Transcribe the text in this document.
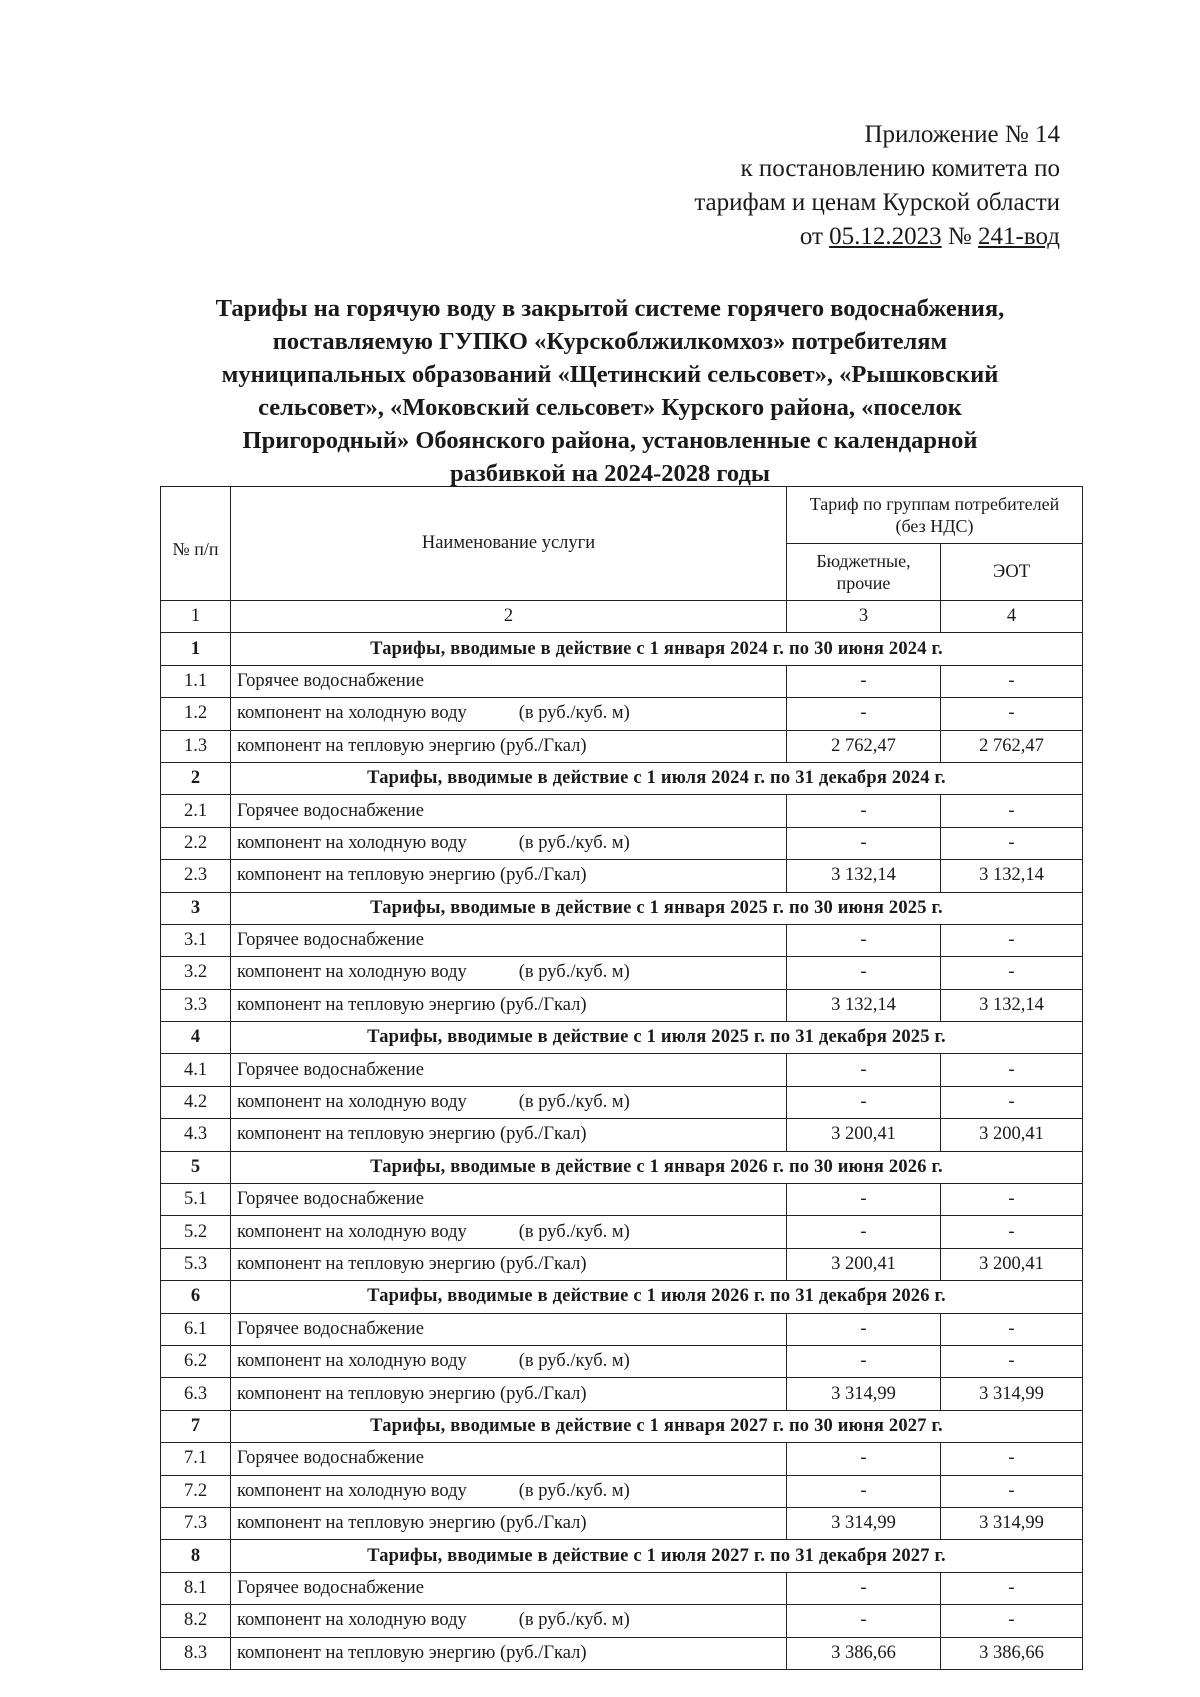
Приложение № 14
к постановлению комитета по
тарифам и ценам Курской области
от 05.12.2023 № 241-вод
Тарифы на горячую воду в закрытой системе горячего водоснабжения,
поставляемую ГУПКО «Курскоблжилкомхоз» потребителям
муниципальных образований «Щетинский сельсовет», «Рышковский
сельсовет», «Моковский сельсовет» Курского района, «поселок
Пригородный» Обоянского района, установленные с календарной
разбивкой на 2024-2028 годы
№ п/п	Наименование услуги	Тариф по группам потребителей (без НДС)	
		Бюджетные, прочие	ЭОТ
1	2	3	4
1	Тарифы, вводимые в действие с 1 января 2024 г. по 30 июня 2024 г.		
1.1	Горячее водоснабжение	-	-
1.2	компонент на холодную воду (в руб./куб. м)	-	-
1.3	компонент на тепловую энергию (руб./Гкал)	2 762,47	2 762,47
2	Тарифы, вводимые в действие с 1 июля 2024 г. по 31 декабря 2024 г.		
2.1	Горячее водоснабжение	-	-
2.2	компонент на холодную воду (в руб./куб. м)	-	-
2.3	компонент на тепловую энергию (руб./Гкал)	3 132,14	3 132,14
3	Тарифы, вводимые в действие с 1 января 2025 г. по 30 июня 2025 г.		
3.1	Горячее водоснабжение	-	-
3.2	компонент на холодную воду (в руб./куб. м)	-	-
3.3	компонент на тепловую энергию (руб./Гкал)	3 132,14	3 132,14
4	Тарифы, вводимые в действие с 1 июля 2025 г. по 31 декабря 2025 г.		
4.1	Горячее водоснабжение	-	-
4.2	компонент на холодную воду (в руб./куб. м)	-	-
4.3	компонент на тепловую энергию (руб./Гкал)	3 200,41	3 200,41
5	Тарифы, вводимые в действие с 1 января 2026 г. по 30 июня 2026 г.		
5.1	Горячее водоснабжение	-	-
5.2	компонент на холодную воду (в руб./куб. м)	-	-
5.3	компонент на тепловую энергию (руб./Гкал)	3 200,41	3 200,41
6	Тарифы, вводимые в действие с 1 июля 2026 г. по 31 декабря 2026 г.		
6.1	Горячее водоснабжение	-	-
6.2	компонент на холодную воду (в руб./куб. м)	-	-
6.3	компонент на тепловую энергию (руб./Гкал)	3 314,99	3 314,99
7	Тарифы, вводимые в действие с 1 января 2027 г. по 30 июня 2027 г.		
7.1	Горячее водоснабжение	-	-
7.2	компонент на холодную воду (в руб./куб. м)	-	-
7.3	компонент на тепловую энергию (руб./Гкал)	3 314,99	3 314,99
8	Тарифы, вводимые в действие с 1 июля 2027 г. по 31 декабря 2027 г.		
8.1	Горячее водоснабжение	-	-
8.2	компонент на холодную воду (в руб./куб. м)	-	-
8.3	компонент на тепловую энергию (руб./Гкал)	3 386,66	3 386,66
